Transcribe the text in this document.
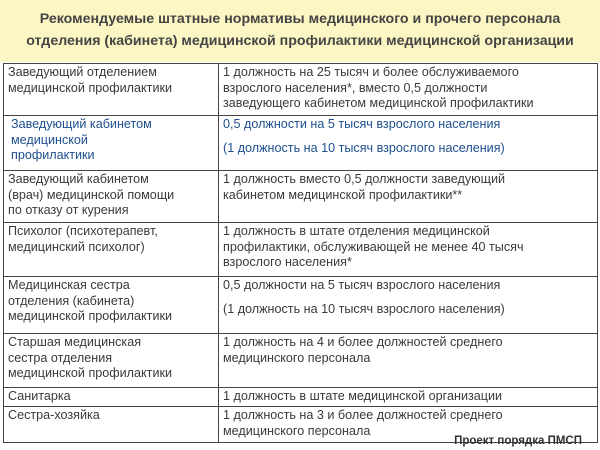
Рекомендуемые штатные нормативы медицинского и прочего персонала
отделения (кабинета) медицинской профилактики медицинской организации
Заведующий отделением
медицинской профилактики	1 должность на 25 тысяч и более обслуживаемого
взрослого населения*, вместо 0,5 должности
заведующего кабинетом медицинской профилактики

Заведующий кабинетом
медицинской
профилактики	0,5 должности на 5 тысяч взрослого населения
(1 должность на 10 тысяч взрослого населения)

Заведующий кабинетом
(врач) медицинской помощи
по отказу от курения	1 должность вместо 0,5 должности заведующий
кабинетом медицинской профилактики**

Психолог (психотерапевт,
медицинский психолог)	1 должность в штате отделения медицинской
профилактики, обслуживающей не менее 40 тысяч
взрослого населения*

Медицинская сестра
отделения (кабинета)
медицинской профилактики	0,5 должности на 5 тысяч взрослого населения
(1 должность на 10 тысяч взрослого населения)

Старшая медицинская
сестра отделения
медицинской профилактики	1 должность на 4 и более должностей среднего
медицинского персонала

Санитарка	1 должность в штате медицинской организации

Сестра-хозяйка	1 должность на 3 и более должностей среднего
медицинского персонала
Проект порядка ПМСП
